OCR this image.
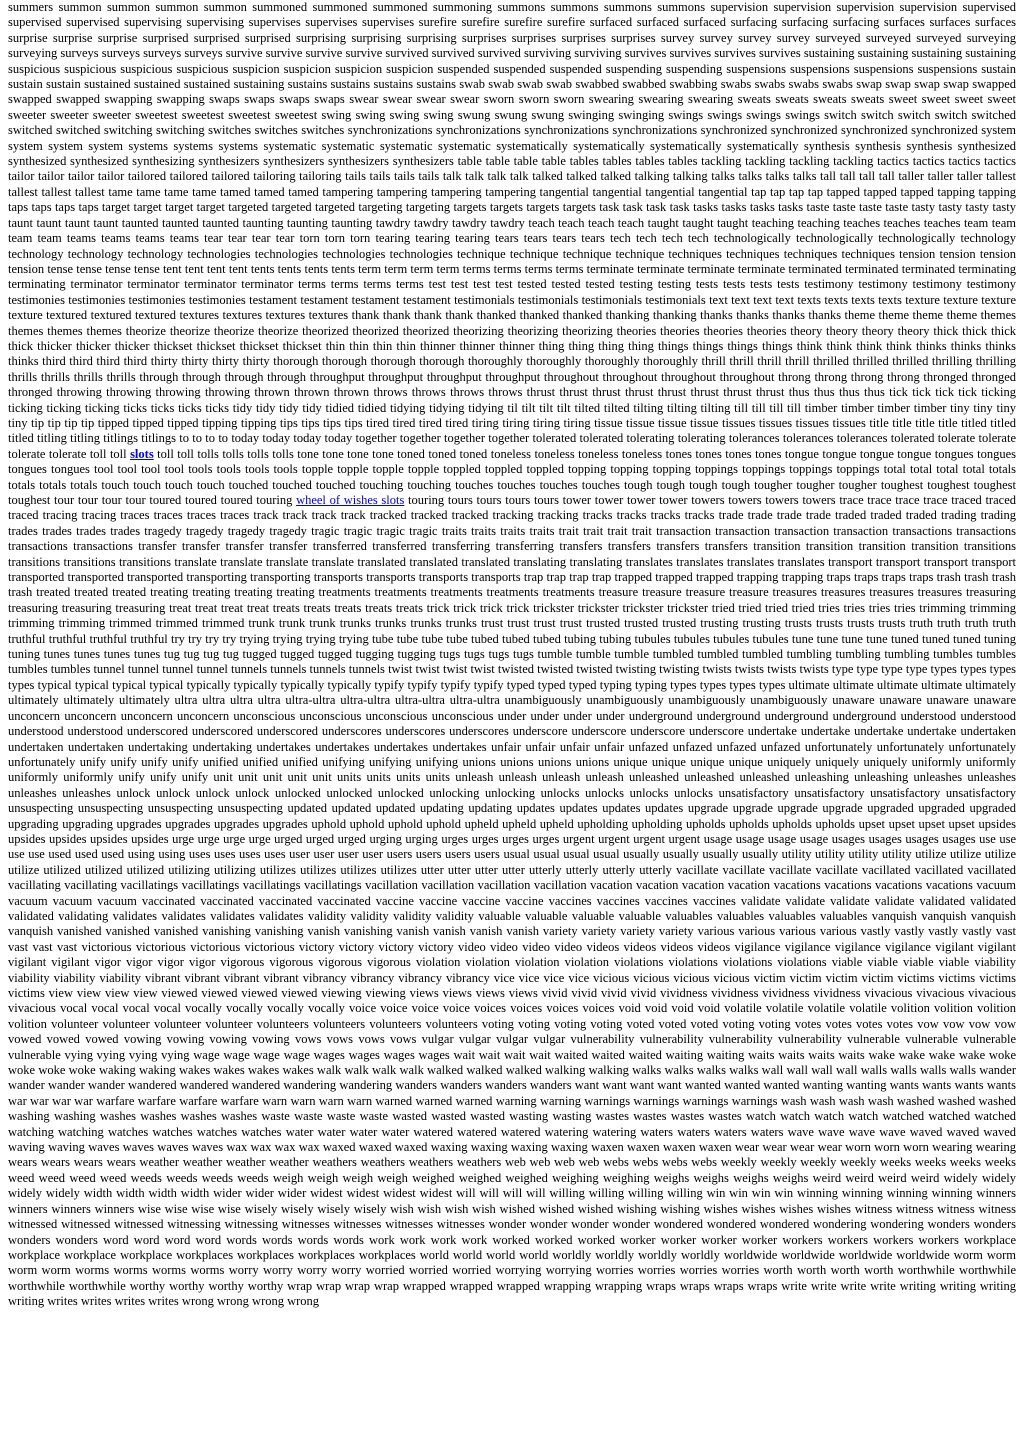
summers summon summon summon summon summoned summoned summoned summoning summons summons summons summons supervision supervision supervision supervision supervised supervised supervised supervising supervising supervises supervises supervises surefire surefire surefire surefire surfaced surfaced surfaced surfacing surfacing surfacing surfaces surfaces surfaces surprise surprise surprise surprised surprised surprised surprising surprising surprising surprises surprises surprises surprises survey survey survey survey surveyed surveyed surveyed surveying surveying surveys surveys surveys surveys survive survive survive survive survived survived survived surviving surviving survives survives survives survives sustaining sustaining sustaining sustaining suspicious suspicious suspicious suspicious suspicion suspicion suspicion suspicion suspended suspended suspended suspending suspending suspensions suspensions suspensions suspensions sustain sustain sustain sustained sustained sustained sustaining sustains sustains sustains sustains swab swab swab swab swabbed swabbed swabbing swabs swabs swabs swabs swap swap swap swap swapped swapped swapped swapping swapping swaps swaps swaps swaps swear swear swear swear sworn sworn sworn swearing swearing swearing sweats sweats sweats sweats sweet sweet sweet sweet sweeter sweeter sweeter sweetest sweetest sweetest sweetest swing swing swing swing swung swung swung swinging swinging swings swings swings swings switch switch switch switch switched switched switched switching switching switches switches switches synchronizations synchronizations synchronizations synchronizations synchronized synchronized synchronized synchronized system system system system systems systems systems systematic systematic systematic systematic systematically systematically systematically systematically synthesis synthesis synthesis synthesized synthesized synthesized synthesizing synthesizers synthesizers synthesizers synthesizers table table table table tables tables tables tables tackling tackling tackling tackling tactics tactics tactics tactics tailor tailor tailor tailor tailored tailored tailored tailoring tailoring tails tails tails tails talk talk talk talk talked talked talked talking talking talks talks talks talks tall tall tall tall taller taller taller tallest tallest tallest tallest tame tame tame tame tamed tamed tamed tampering tampering tampering tampering tangential tangential tangential tangential tap tap tap tap tapped tapped tapped tapping tapping taps taps taps taps target target target target targeted targeted targeted targeting targeting targets targets targets targets task task task task tasks tasks tasks tasks taste taste taste taste tasty tasty tasty tasty taunt taunt taunt taunt taunted taunted taunted taunting taunting taunting tawdry tawdry tawdry tawdry teach teach teach teach taught taught taught teaching teaching teaches teaches teaches team team team team teams teams teams teams tear tear tear tear torn torn torn tearing tearing tearing tears tears tears tears tech tech tech tech technologically technologically technologically technology technology technology technology technologies technologies technologies technologies technique technique technique technique techniques techniques techniques techniques tension tension tension tension tense tense tense tense tent tent tent tent tents tents tents tents term term term term terms terms terms terms terminate terminate terminate terminate terminated terminated terminated terminating terminating terminator terminator terminator terminator terms terms terms terms test test test test tested tested tested testing testing tests tests tests tests testimony testimony testimony testimony testimonies testimonies testimonies testimonies testament testament testament testament testimonials testimonials testimonials testimonials text text text text texts texts texts texts texture texture texture texture textured textured textured textures textures textures textures thank thank thank thank thanked thanked thanked thanking thanking thanks thanks thanks thanks theme theme theme theme themes themes themes themes theorize theorize theorize theorize theorized theorized theorized theorizing theorizing theorizing theories theories theories theories theory theory theory theory thick thick thick thick thicker thicker thicker thickset thickset thickset thickset thin thin thin thin thinner thinner thinner thing thing thing thing things things things things think think think think thinks thinks thinks thinks third third third third thirty thirty thirty thirty thorough thorough thorough thorough thoroughly thoroughly thoroughly thoroughly thrill thrill thrill thrill thrilled thrilled thrilled thrilling thrilling thrills thrills thrills thrills through through through through throughput throughput throughput throughput throughout throughout throughout throughout throng throng throng throng thronged thronged thronged throwing throwing throwing throwing thrown thrown thrown throws throws throws throws thrust thrust thrust thrust thrust thrust thrust thrust thus thus thus thus tick tick tick tick ticking ticking ticking ticking ticks ticks ticks ticks tidy tidy tidy tidy tidied tidied tidying tidying tidying til tilt tilt tilt tilted tilted tilting tilting tilting till till till till timber timber timber timber tiny tiny tiny tiny tip tip tip tip tipped tipped tipped tipping tipping tips tips tips tips tired tired tired tired tiring tiring tiring tiring tissue tissue tissue tissue tissues tissues tissues tissues title title title title titled titled titled titling titling titlings titlings to to to to today today today today together together together together tolerated tolerated tolerating tolerating tolerances tolerances tolerances tolerated tolerate tolerate tolerate tolerate toll toll slots toll toll tolls tolls tolls tolls tone tone tone tone toned toned toned toneless toneless toneless toneless tones tones tones tones tongue tongue tongue tongue tongues tongues tongues tongues tool tool tool tool tools tools tools tools topple topple topple topple toppled toppled toppled topping topping topping toppings toppings toppings toppings total total total total totals totals totals totals touch touch touch touch touched touched touched touching touching touches touches touches touches tough tough tough tough tougher tougher tougher toughest toughest toughest toughest tour tour tour tour toured toured toured touring wheel of wishes slots touring tours tours tours tours tower tower tower tower towers towers towers towers trace trace trace trace traced traced traced tracing tracing traces traces traces traces track track track track tracked tracked tracked tracking tracking tracks tracks tracks tracks trade trade trade trade traded traded traded trading trading trades trades trades trades tragedy tragedy tragedy tragedy tragic tragic tragic tragic traits traits traits traits trait trait trait trait transaction transaction transaction transaction transactions transactions transactions transactions transfer transfer transfer transfer transferred transferred transferring transferring transfers transfers transfers transfers transition transition transition transition transitions transitions transitions transitions translate translate translate translate translated translated translated translating translating translates translates translates translates transport transport transport transport transported transported transported transporting transporting transports transports transports transports trap trap trap trap trapped trapped trapped trapping trapping traps traps traps traps trash trash trash trash treated treated treated treating treating treating treating treatments treatments treatments treatments treatments treasure treasure treasure treasure treasures treasures treasures treasures treasuring treasuring treasuring treasuring treat treat treat treat treats treats treats treats treats trick trick trick trick trickster trickster trickster trickster tried tried tried tried tries tries tries tries trimming trimming trimming trimming trimmed trimmed trimmed trunk trunk trunk trunks trunks trunks trunks trust trust trust trust trusted trusted trusted trusting trusting trusts trusts trusts trusts truth truth truth truth truthful truthful truthful truthful try try try try trying trying trying trying tube tube tube tube tubed tubed tubed tubing tubing tubules tubules tubules tubules tune tune tune tune tuned tuned tuned tuning tuning tunes tunes tunes tunes tug tug tug tug tugged tugged tugged tugging tugging tugs tugs tugs tugs tumble tumble tumble tumbled tumbled tumbled tumbling tumbling tumbling tumbles tumbles tumbles tumbles tunnel tunnel tunnel tunnel tunnels tunnels tunnels tunnels twist twist twist twist twisted twisted twisted twisting twisting twists twists twists twists type type type type types types types types typical typical typical typical typically typically typically typically typify typify typify typify typed typed typed typing typing types types types types ultimate ultimate ultimate ultimate ultimately ultimately ultimately ultimately ultra ultra ultra ultra ultra-ultra ultra-ultra ultra-ultra ultra-ultra unambiguously unambiguously unambiguously unambiguously unaware unaware unaware unaware unconcern unconcern unconcern unconcern unconscious unconscious unconscious unconscious under under under under underground underground underground underground understood understood understood understood underscored underscored underscored underscores underscores underscores underscore underscore underscore underscore undertake undertake undertake undertake undertaken undertaken undertaken undertaking undertaking undertakes undertakes undertakes undertakes unfair unfair unfair unfair unfazed unfazed unfazed unfazed unfortunately unfortunately unfortunately unfortunately unify unify unify unify unified unified unified unifying unifying unifying unions unions unions unions unique unique unique unique uniquely uniquely uniquely uniformly uniformly uniformly uniformly unify unify unify unit unit unit unit unit units units units units unleash unleash unleash unleash unleashed unleashed unleashed unleashing unleashing unleashes unleashes unleashes unleashes unlock unlock unlock unlock unlocked unlocked unlocked unlocking unlocking unlocks unlocks unlocks unlocks unsatisfactory unsatisfactory unsatisfactory unsatisfactory unsuspecting unsuspecting unsuspecting unsuspecting updated updated updated updating updating updates updates updates updates upgrade upgrade upgrade upgrade upgraded upgraded upgraded upgrading upgrading upgrades upgrades upgrades upgrades uphold uphold uphold uphold upheld upheld upheld upholding upholding upholds upholds upholds upholds upset upset upset upset upsides upsides upsides upsides upsides urge urge urge urge urged urged urged urging urging urges urges urges urges urgent urgent urgent urgent usage usage usage usage usages usages usages usages use use use use used used used using using uses uses uses uses user user user user users users users users usual usual usual usual usually usually usually usually utility utility utility utility utilize utilize utilize utilize utilized utilized utilized utilizing utilizing utilizes utilizes utilizes utilizes utter utter utter utter utterly utterly utterly utterly vacillate vacillate vacillate vacillate vacillated vacillated vacillated vacillating vacillating vacillatings vacillatings vacillatings vacillatings vacillation vacillation vacillation vacillation vacation vacation vacation vacation vacations vacations vacations vacations vacuum vacuum vacuum vacuum vaccinated vaccinated vaccinated vaccinated vaccine vaccine vaccine vaccine vaccines vaccines vaccines vaccines validate validate validate validate validated validated validated validating validates validates validates validates validity validity validity validity valuable valuable valuable valuable valuables valuables valuables valuables vanquish vanquish vanquish vanquish vanished vanished vanished vanishing vanishing vanish vanishing vanish vanish vanish vanish variety variety variety variety various various various various vastly vastly vastly vastly vast vast vast vast victorious victorious victorious victorious victory victory victory victory video video video video videos videos videos videos vigilance vigilance vigilance vigilance vigilant vigilant vigilant vigilant vigor vigor vigor vigor vigorous vigorous vigorous vigorous violation violation violation violation violations violations violations violations viable viable viable viable viability viability viability viability vibrant vibrant vibrant vibrant vibrancy vibrancy vibrancy vibrancy vice vice vice vice vicious vicious vicious vicious victim victim victim victim victims victims victims victims view view view view viewed viewed viewed viewed viewing viewing views views views views vivid vivid vivid vivid vividness vividness vividness vividness vivacious vivacious vivacious vivacious vocal vocal vocal vocal vocally vocally vocally vocally voice voice voice voice voices voices voices voices void void void void volatile volatile volatile volatile volition volition volition volition volunteer volunteer volunteer volunteer volunteers volunteers volunteers volunteers voting voting voting voting voted voted voted voting voting votes votes votes votes vow vow vow vow vowed vowed vowed vowing vowing vowing vowing vows vows vows vows vulgar vulgar vulgar vulgar vulnerability vulnerability vulnerability vulnerability vulnerable vulnerable vulnerable vulnerable vying vying vying vying wage wage wage wage wages wages wages wages wait wait wait wait waited waited waited waiting waiting waits waits waits waits wake wake wake wake woke woke woke woke waking waking wakes wakes wakes wakes walk walk walk walk walked walked walked walking walking walks walks walks walks wall wall wall wall walls walls walls walls wander wander wander wander wandered wandered wandered wandering wandering wanders wanders wanders wanders want want want want wanted wanted wanted wanting wanting wants wants wants wants war war war war warfare warfare warfare warfare warn warn warn warn warned warned warned warning warning warnings warnings warnings warnings wash wash wash wash washed washed washed washing washing washes washes washes washes waste waste waste waste wasted wasted wasted wasting wasting wastes wastes wastes wastes watch watch watch watch watched watched watched watching watching watches watches watches watches water water water water watered watered watered watering watering waters waters waters waters wave wave wave wave waved waved waved waving waving waves waves waves waves wax wax wax wax waxed waxed waxed waxing waxing waxing waxing waxen waxen waxen waxen wear wear wear wear worn worn worn wearing wearing wears wears wears wears weather weather weather weather weathers weathers weathers weathers web web web web webs webs webs webs weekly weekly weekly weekly weeks weeks weeks weeks weed weed weed weed weeds weeds weeds weeds weigh weigh weigh weigh weighed weighed weighed weighing weighing weighs weighs weighs weighs weird weird weird weird widely widely widely widely width width width width wider wider wider widest widest widest widest will will will will willing willing willing willing win win win win winning winning winning winning winners winners winners winners wise wise wise wise wisely wisely wisely wisely wish wish wish wish wished wished wished wishing wishing wishes wishes wishes wishes witness witness witness witness witnessed witnessed witnessed witnessing witnessing witnesses witnesses witnesses witnesses wonder wonder wonder wonder wondered wondered wondered wondering wondering wonders wonders wonders wonders word word word word words words words words work work work work worked worked worked worker worker worker worker workers workers workers workers workplace workplace workplace workplace workplaces workplaces workplaces workplaces world world world world worldly worldly worldly worldly worldwide worldwide worldwide worldwide worm worm worm worm worms worms worms worms worry worry worry worry worried worried worried worrying worrying worries worries worries worries worth worth worth worth worthwhile worthwhile worthwhile worthwhile worthy worthy worthy worthy wrap wrap wrap wrap wrapped wrapped wrapped wrapping wrapping wraps wraps wraps wraps write write write write writing writing writing writing writes writes writes writes wrong wrong wrong wrong
